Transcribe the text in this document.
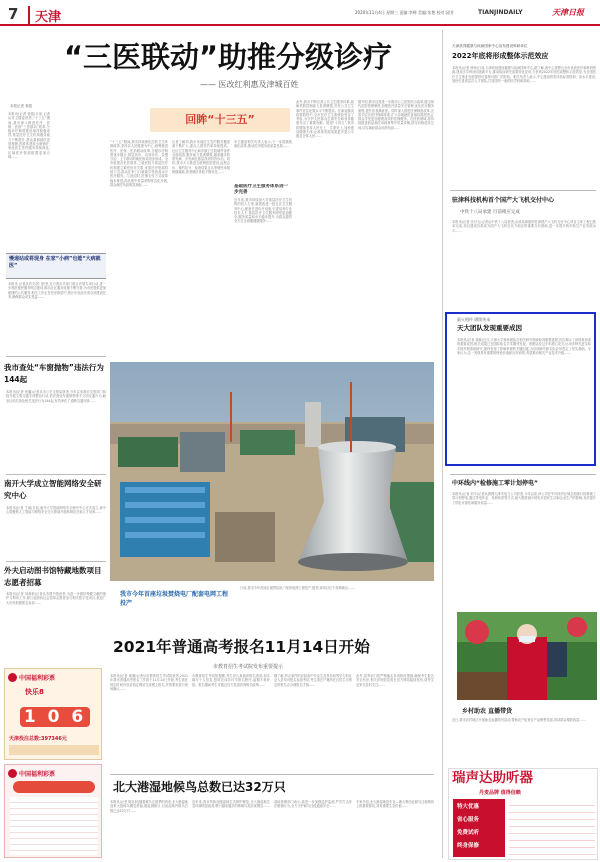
7	天津	2020年11月4日 星期三 责编:李桦 美编:张艳 校对:邱芳	TIANJINDAILY	天津日报
“三医联动”助推分级诊疗
—— 医改红利惠及津城百姓
本报记者 姜振
回眸“十三五”
本报讯(记者 姜振)日前,记者从市卫健委获悉,“十三五”期间,我市深入推进医疗、医保、医药“三医联动”改革,分级诊疗制度建设取得积极成效,基层医疗卫生机构服务能力不断提升,群众看病就医更加便捷,医联体建设全面铺开,家庭医生签约服务持续深化,区域医疗资源配置更加合理……
慢递站或将现身 在家“小病”也能“大病就医”
本报讯 记者从有关部门获悉,近日我市多部门联合开展专项行动,进一步规范便民服务网点建设,推动社区服务设施不断完善,为市民提供更加便捷的公共服务,相关工作正在有序推进中,预计年底前完成全部建设任务,确保群众切实受益……
我市查处“车窗抛物”违法行为144起
本报讯(记者 张璐)记者从市公安交管局获悉,今年以来我市交管部门持续开展文明交通专项整治行动,依法查处车窗抛物等不文明交通行为,截至目前共查处相关违法行为144起,有效净化了道路交通环境……
南开大学成立智能网络安全研究中心
本报讯(记者 王睿)日前,南开大学智能网络安全研究中心正式成立,该中心将聚焦人工智能与网络安全交叉领域开展科研攻关和人才培养……
外夫启动图书馆特藏地数项目志愿者招募
本报讯(记者 刘莉莉)记者从市图书馆获悉,为进一步做好特藏文献的保护与利用工作,即日起面向社会招募志愿者参与相关数字化项目,欢迎广大市民积极报名参加……
中国福利彩票
快乐8
1 0 6
天津投注总数:397346元
中国福利彩票
“十三五”期间,我市持续深化医药卫生体制改革,坚持以人民健康为中心,统筹推进医疗、医保、医药联动改革,分级诊疗制度逐步健全,基层首诊、双向转诊、急慢分治、上下联动的就医格局初步形成。全市组建各类医联体,三级医院与基层医疗机构建立紧密协作关系,优质医疗资源持续下沉,群众在家门口就能享受到高水平医疗服务。与此同时,医保支付方式改革稳步推进,药品集中带量采购常态化开展,群众就医负担明显减轻……
记者了解到,我市家庭医生签约服务覆盖面不断扩大,重点人群签约率持续提高。社区卫生服务中心和乡镇卫生院硬件条件全面改善,服务能力显著增强,越来越多的常见病、多发病在基层得到有效诊治。同时,我市大力推进互联网医院建设,远程会诊、预约挂号、检查结果互认等便民举措相继落地,患者就医体验不断优化……
市卫健委相关负责人表示,下一步将继续深化改革,推动医疗服务高质量发展……
基础医疗卫生服务体系进一步完善
近年来,我市持续加大对基层医疗卫生机构的投入力度,新建改建一批社区卫生服务中心,配备先进诊疗设备,引进培养专业技术人才,基层医疗卫生服务网络更加健全,服务质量和水平稳步提升,为群众提供全方位全周期健康服务……
此外,我市不断完善公共卫生服务体系,疾病预防控制能力显著增强,突发公共卫生事件应急处置水平不断提高。在新冠肺炎疫情防控中,全市医疗卫生系统经受住了考验,为守护人民群众生命安全和身体健康作出了重要贡献。展望“十四五”,我市将继续坚持人民至上、生命至上,加快建设健康天津,让改革发展成果更多更公平惠及全体人民……
据介绍,我市还将进一步推动公立医院综合改革,健全现代医院管理制度,加强医疗质量安全管理,优化医疗服务流程,提升患者满意度。同时深入推进医保制度改革,完善多层次医疗保障体系,扩大异地就医直接结算范围,让群众享受更加便捷高效的医保服务。在医药领域,将持续推进药品和医用耗材集中带量采购,挤压价格虚高空间,切实减轻群众用药负担……
我市今年首座垃圾焚烧电厂配套电网工程投产
日前,我市今年首座垃圾焚烧电厂配套电网工程投产,据悉,该项目位于滨海新区……
2021年普通高考报名11月14日开始
市教育招生考试院发布重要提示
本报讯(记者 姜凝)记者从市教育招生考试院获悉,2021年我市普通高考报名工作将于11月14日开始,考生需在规定时间内登录指定网站完成网上报名,并按要求进行现场确认……
市教育招生考试院提醒,考生应认真阅读报名须知,如实填写个人信息,按时完成各环节报名程序,逾期不再补报。报名期间考生可通过官方渠道咨询相关政策……
据了解,符合条件的应届高中毕业生及具有同等学力的社会人员均可报名参加考试,考生须在户籍所在区招生办规定的报名点办理报名手续……
此外,招考部门将严格落实各项防疫措施,确保考生报名安全有序,相关详细信息将在官方网站陆续发布,请考生及家长及时关注……
北大港湿地候鸟总数已达32万只
本报讯(记者 陈忠权)随着候鸟迁徙季的到来,北大港湿地迎来大批候鸟栖息停留,据监测统计,目前湿地内候鸟总数已达32万只……
近年来,我市持续加强湿地生态保护修复,北大港湿地生态环境明显改善,吸引越来越多的珍稀鸟类前来栖息……
湿地管理部门表示,将进一步加强巡护监测,严厉打击非法猎捕行为,全力守护候鸟迁徙通道安全……
专家介绍,北大港湿地是东亚—澳大利西亚候鸟迁徙路线上的重要驿站,具有重要生态价值……
天津获得健康与疾病国家中心宣布建设科研单位
2022年底将形成整体示范效应
本报讯(记者 徐杨)日前,天津获批建设健康与疾病国家中心,据了解,该中心将整合全市优质医疗和科研资源,建设多学科协同创新平台,推动临床研究成果转化应用,力争到2022年底形成整体示范效应,为全国医疗卫生事业发展提供可复制可推广的经验。相关负责人表示,中心建设将坚持高标准规划、高水平建设,加快引进高层次人才团队,打造国内一流的医学科研高地……
驻津科技机构首个国产大飞机交付中心
中铁十八局承建 目前相应完成
本报讯(记者 岳付玉)记者从中铁十八局获悉,由该局承建的驻津国产大飞机交付中心项目主体工程已基本完成,项目建成后将成为国产大飞机在北方地区的重要交付基地,进一步提升我市航空产业发展水平……
薪火相传 赓续传承
天大团队发现重要成因
本报讯(记者 姜凝)近日,天津大学科研团队在相关研究领域取得重要进展,首次揭示了该现象形成的重要成因,相关成果已在国际知名学术期刊发表。该团队经过多年潜心攻关,运用多种先进实验手段开展系统研究,最终发现了影响机理的关键因素,为后续研究和实际应用奠定了坚实基础。专家认为,这一发现具有重要的理论价值和应用前景,有望推动相关产业技术升级……
中环线内“检修施工零计划停电”
本报讯(记者 刘平)记者从国网天津市电力公司获悉,今年以来,该公司在中环线内区域全面推行检修施工零计划停电,通过带电作业、负荷转供等方式,最大限度减少停电对居民生活和企业生产的影响,有效提升了供电可靠性和服务质量……
乡村助农 直播带货
近日,我市农村地区开展助农直播带货活动,帮助农户拓宽农产品销售渠道,带动群众增收致富……
瑞声达助听器
丹麦品牌 值得信赖
特大优惠
省心服务
免费试听
终身保修
